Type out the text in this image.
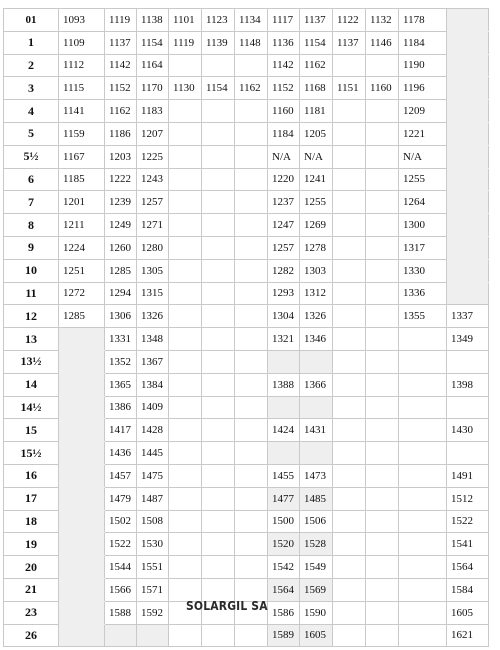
01	1093	1119	1138	1101	1123	1134	1117	1137	1122	1132	1178	
1	1109	1137	1154	1119	1139	1148	1136	1154	1137	1146	1184	
2	1112	1142	1164				1142	1162			1190	
3	1115	1152	1170	1130	1154	1162	1152	1168	1151	1160	1196	
4	1141	1162	1183				1160	1181			1209	
5	1159	1186	1207				1184	1205			1221	
5½	1167	1203	1225				N/A	N/A			N/A	
6	1185	1222	1243				1220	1241			1255	
7	1201	1239	1257				1237	1255			1264	
8	1211	1249	1271				1247	1269			1300	
9	1224	1260	1280				1257	1278			1317	
10	1251	1285	1305				1282	1303			1330	
11	1272	1294	1315				1293	1312			1336	
12	1285	1306	1326				1304	1326			1355	1337
13		1331	1348				1321	1346				1349
13½		1352	1367									
14		1365	1384				1388	1366				1398
14½		1386	1409									
15		1417	1428				1424	1431				1430
15½		1436	1445									
16		1457	1475				1455	1473				1491
17		1479	1487				1477	1485				1512
18		1502	1508				1500	1506				1522
19		1522	1530				1520	1528				1541
20		1544	1551				1542	1549				1564
21		1566	1571				1564	1569				1584
23		1588	1592				1586	1590				1605
26							1589	1605				1621
SOLARGIL SA
